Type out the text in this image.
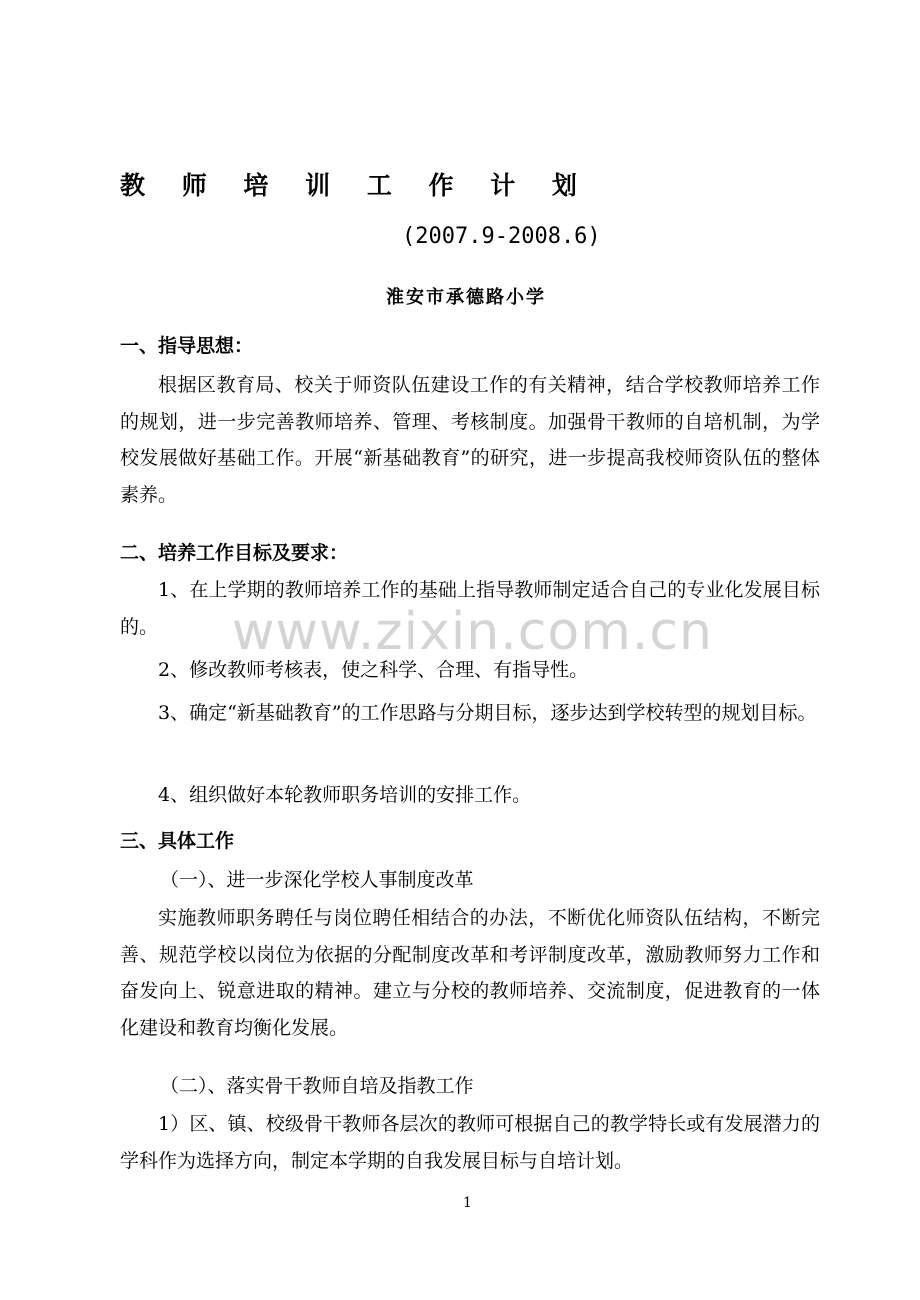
教 师 培 训 工 作 计 划
(2007.9-2008.6)
淮安市承德路小学
一、指导思想：

根据区教育局、校关于师资队伍建设工作的有关精神，结合学校教师培养工作的规划，进一步完善教师培养、管理、考核制度。加强骨干教师的自培机制，为学校发展做好基础工作。开展“新基础教育”的研究，进一步提高我校师资队伍的整体素养。

二、培养工作目标及要求：

1、在上学期的教师培养工作的基础上指导教师制定适合自己的专业化发展目标的。

2、修改教师考核表，使之科学、合理、有指导性。

3、确定“新基础教育”的工作思路与分期目标，逐步达到学校转型的规划目标。

4、组织做好本轮教师职务培训的安排工作。

三、具体工作
（一）、进一步深化学校人事制度改革

实施教师职务聘任与岗位聘任相结合的办法，不断优化师资队伍结构，不断完善、规范学校以岗位为依据的分配制度改革和考评制度改革，激励教师努力工作和奋发向上、锐意进取的精神。建立与分校的教师培养、交流制度，促进教育的一体化建设和教育均衡化发展。

（二）、落实骨干教师自培及指教工作

1）区、镇、校级骨干教师各层次的教师可根据自己的教学特长或有发展潜力的学科作为选择方向，制定本学期的自我发展目标与自培计划。

www.zixin.com.cn
1
